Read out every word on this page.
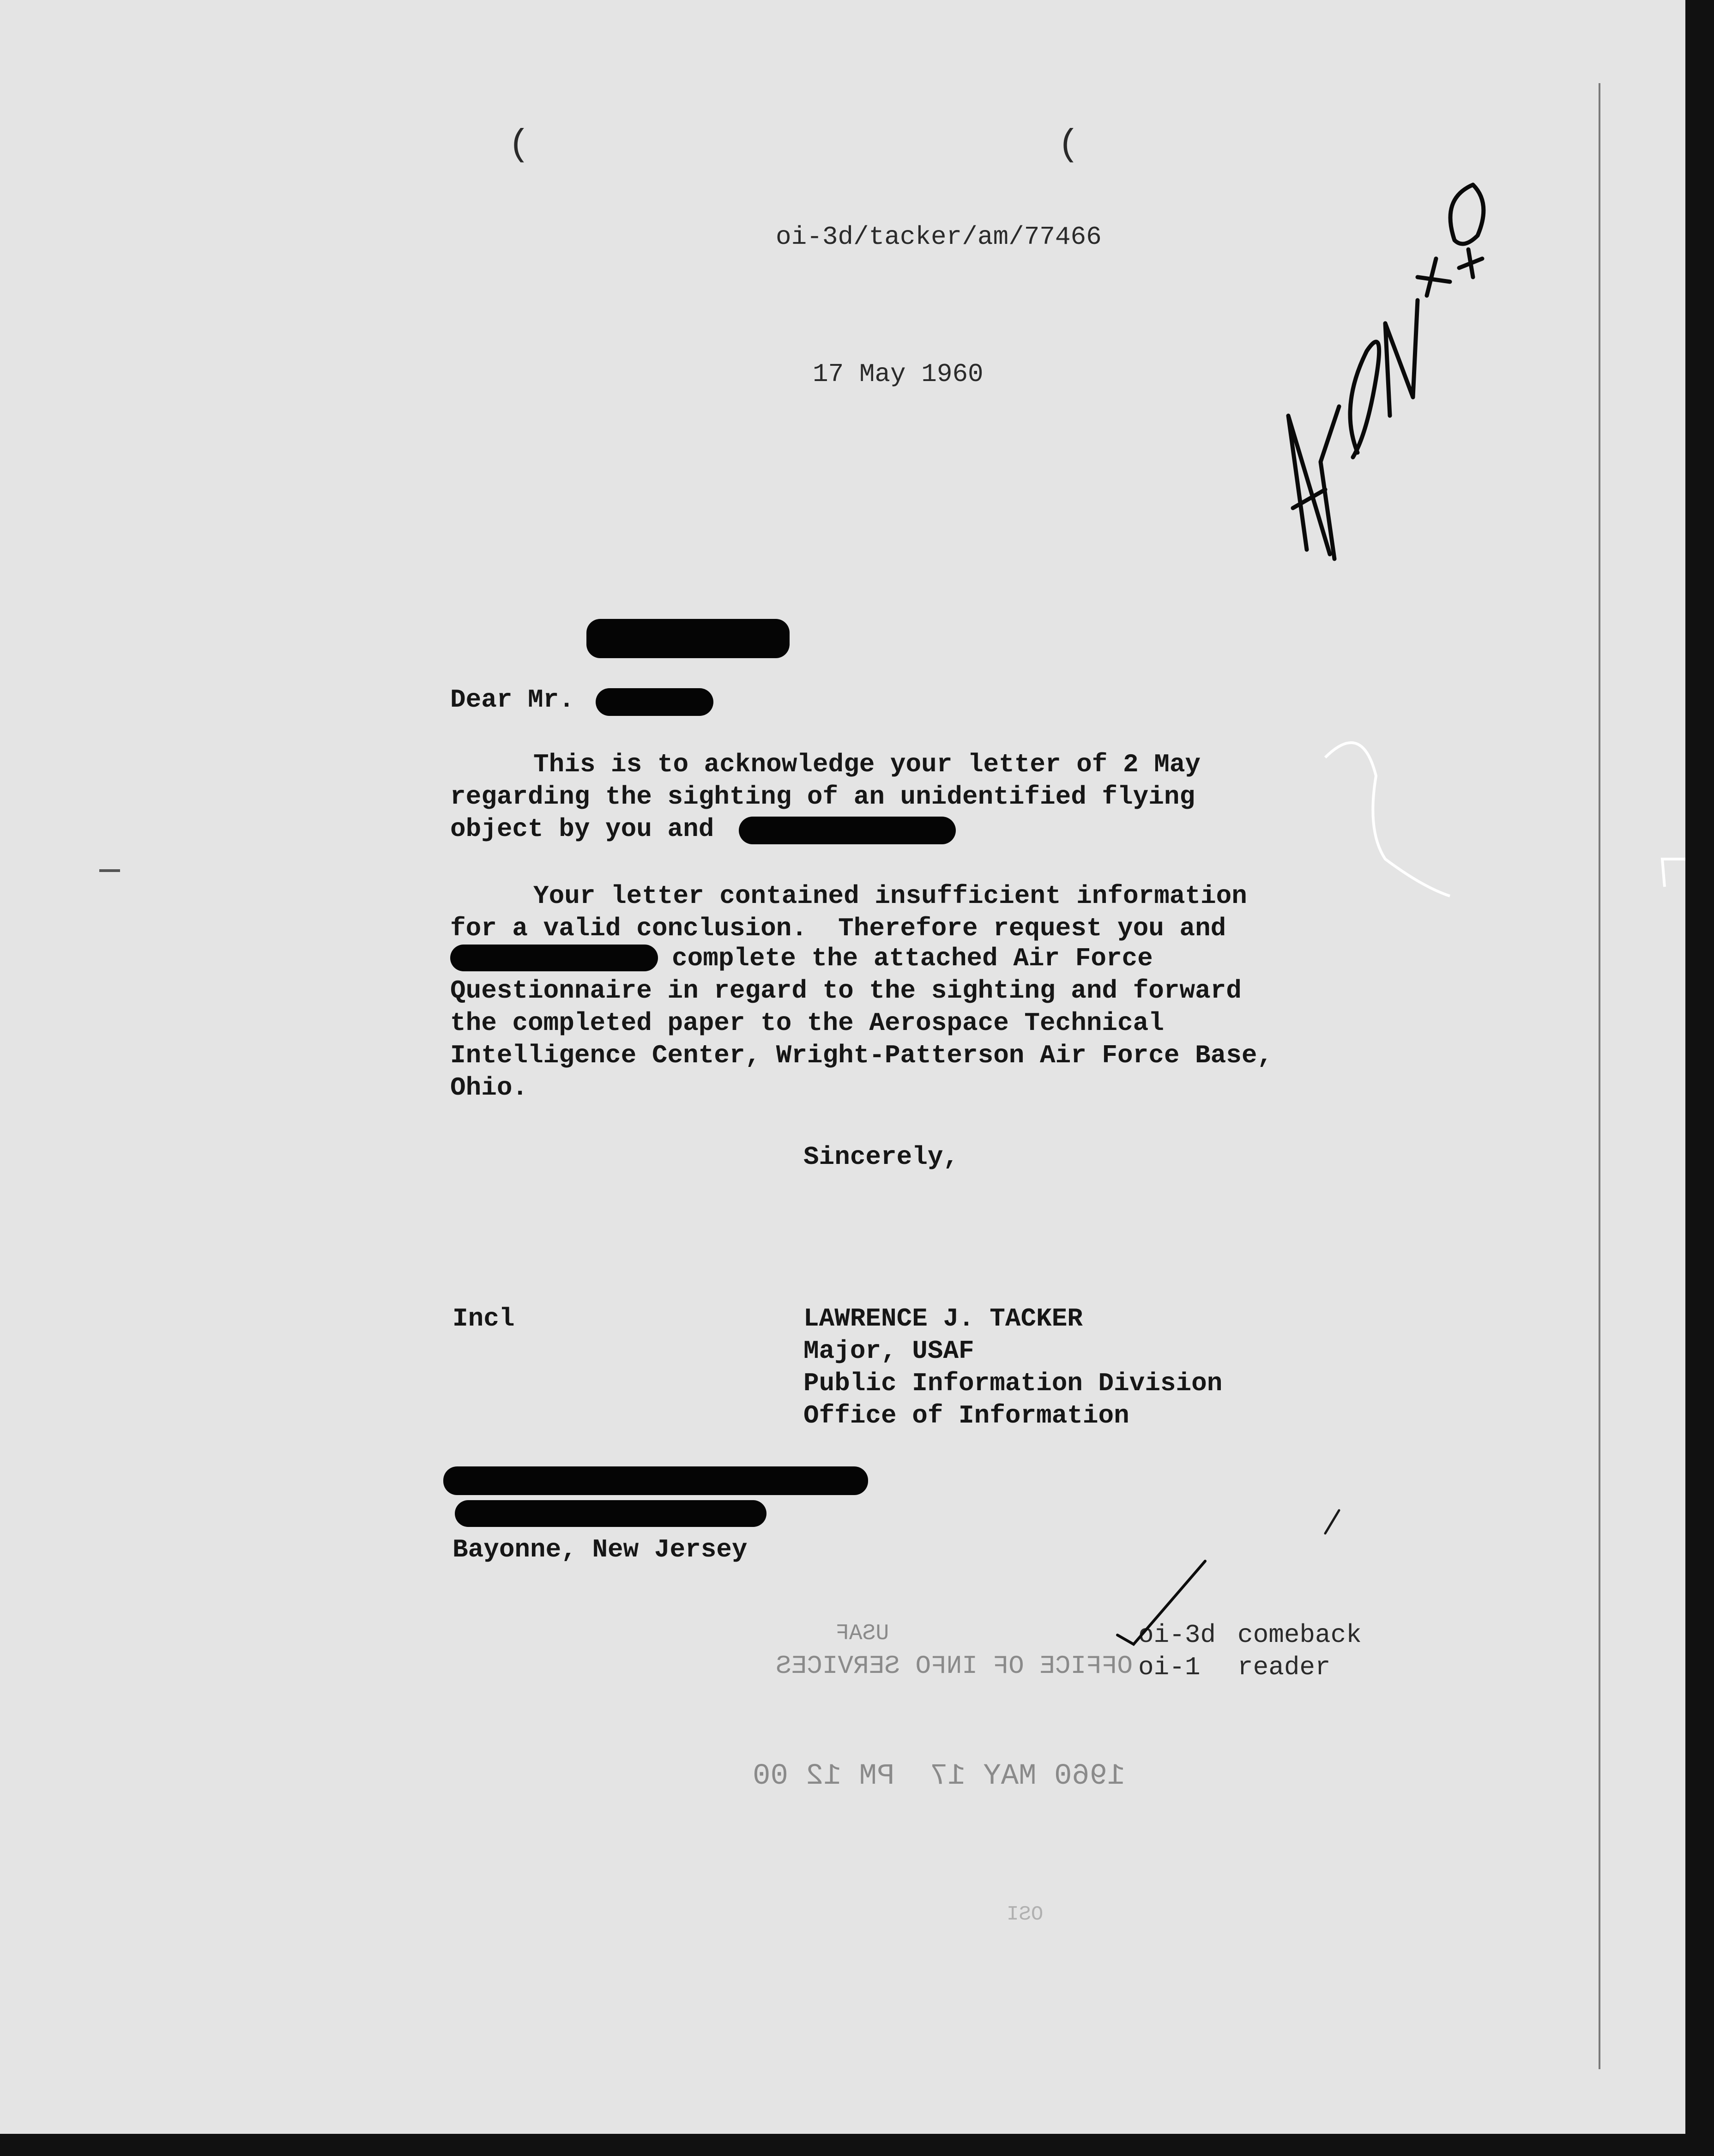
(	(
oi-3d/tacker/am/77466
17 May 1960
Dear Mr.
This is to acknowledge your letter of 2 May
regarding the sighting of an unidentified flying
object by you and
Your letter contained insufficient information
for a valid conclusion.  Therefore request you and
complete the attached Air Force
Questionnaire in regard to the sighting and forward
the completed paper to the Aerospace Technical
Intelligence Center, Wright-Patterson Air Force Base,
Ohio.
Sincerely,
Incl	LAWRENCE J. TACKER
Major, USAF
Public Information Division
Office of Information
Bayonne, New Jersey
oi-3d comeback
oi-1 reader
USAF
OFFICE OF INFO SERVICES
1960 MAY 17  PM 12 00
OSI
